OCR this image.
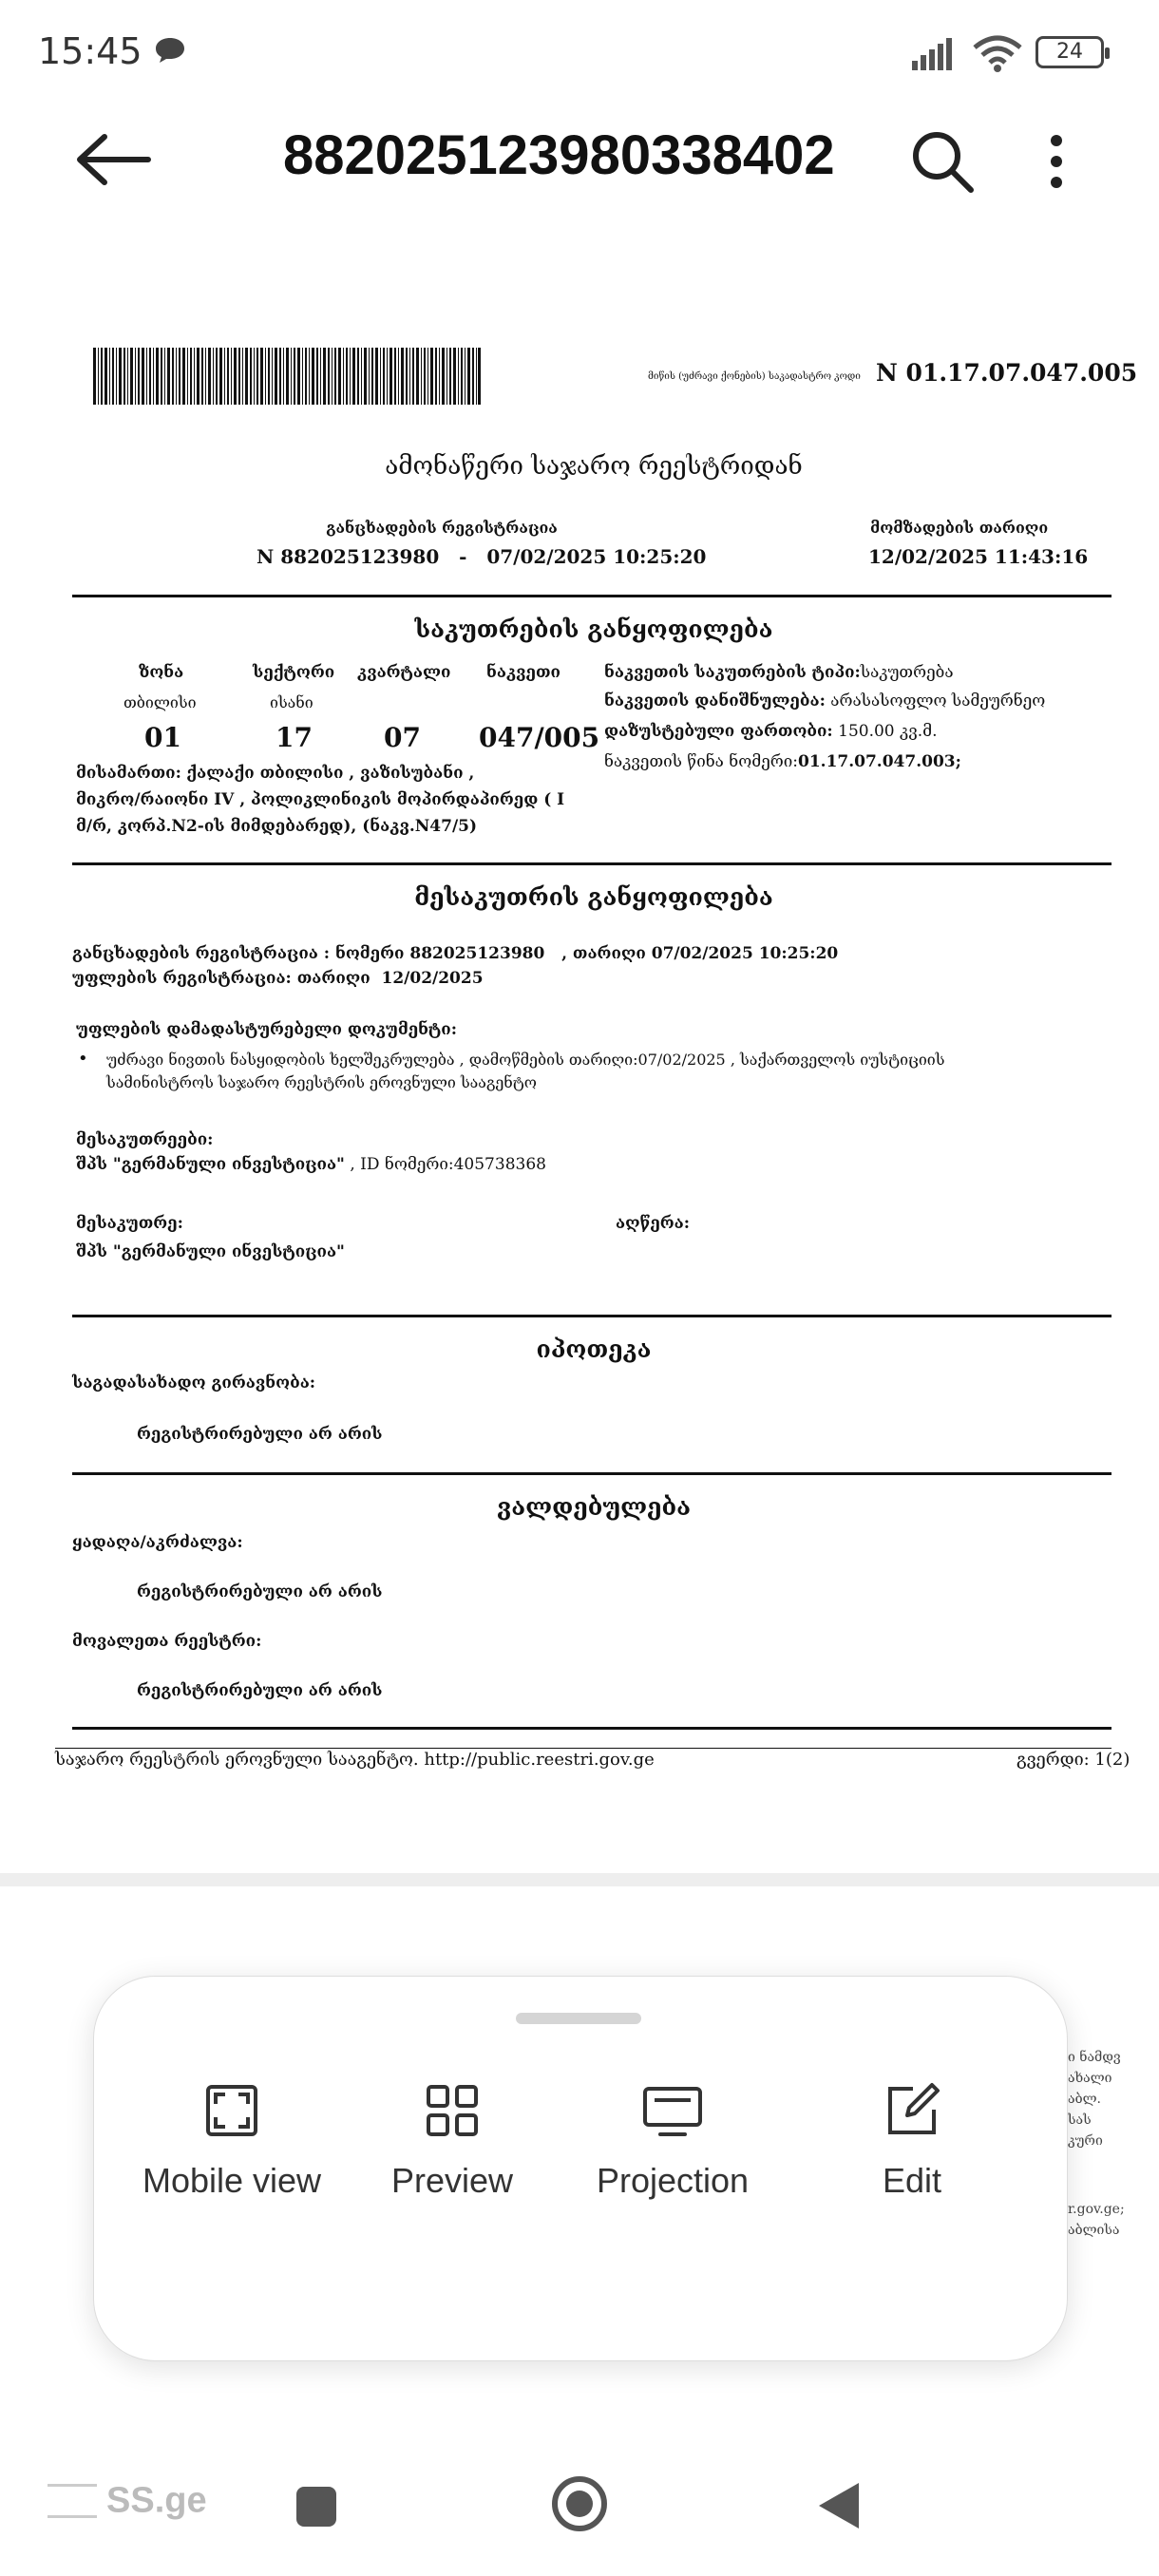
15:45	24
882025123980338402
მიწის (უძრავი ქონების) საკადასტრო კოდი N 01.17.07.047.005
ამონაწერი საჯარო რეესტრიდან
განცხადების რეგისტრაცია
N 882025123980   -   07/02/2025 10:25:20
მომზადების თარიღი
12/02/2025 11:43:16
საკუთრების განყოფილება
ზონა	სექტორი კვარტალი ნაკვეთი
თბილისი	ისანი
01	17	07 047/005
მისამართი: ქალაქი თბილისი , ვაზისუბანი ,
მიკრო/რაიონი IV , პოლიკლინიკის მოპირდაპირედ ( I
მ/რ, კორპ.N2-ის მიმდებარედ), (ნაკვ.N47/5)
ნაკვეთის საკუთრების ტიპი:საკუთრება
ნაკვეთის დანიშნულება: არასასოფლო სამეურნეო
დაზუსტებული ფართობი: 150.00 კვ.მ.
ნაკვეთის წინა ნომერი:01.17.07.047.003;
მესაკუთრის განყოფილება
განცხადების რეგისტრაცია : ნომერი 882025123980   , თარიღი 07/02/2025 10:25:20
უფლების რეგისტრაცია: თარიღი  12/02/2025
უფლების დამადასტურებელი დოკუმენტი:
• უძრავი ნივთის ნასყიდობის ხელშეკრულება , დამოწმების თარიღი:07/02/2025 , საქართველოს იუსტიციის
სამინისტროს საჯარო რეესტრის ეროვნული სააგენტო
მესაკუთრეები:
შპს "გერმანული ინვესტიცია" , ID ნომერი:405738368
მესაკუთრე:
შპს "გერმანული ინვესტიცია"
აღწერა:
იპოთეკა
საგადასახადო გირავნობა:
რეგისტრირებული არ არის
ვალდებულება
ყადაღა/აკრძალვა:
რეგისტრირებული არ არის
მოვალეთა რეესტრი:
რეგისტრირებული არ არის
საჯარო რეესტრის ეროვნული სააგენტო. http://public.reestri.gov.ge	გვერდი: 1(2)
ი ნამდვ
ახალი
აბლ.
სას
კური
r.gov.ge;
აბლისა
Mobile view	Preview	Projection	Edit
SS.ge
